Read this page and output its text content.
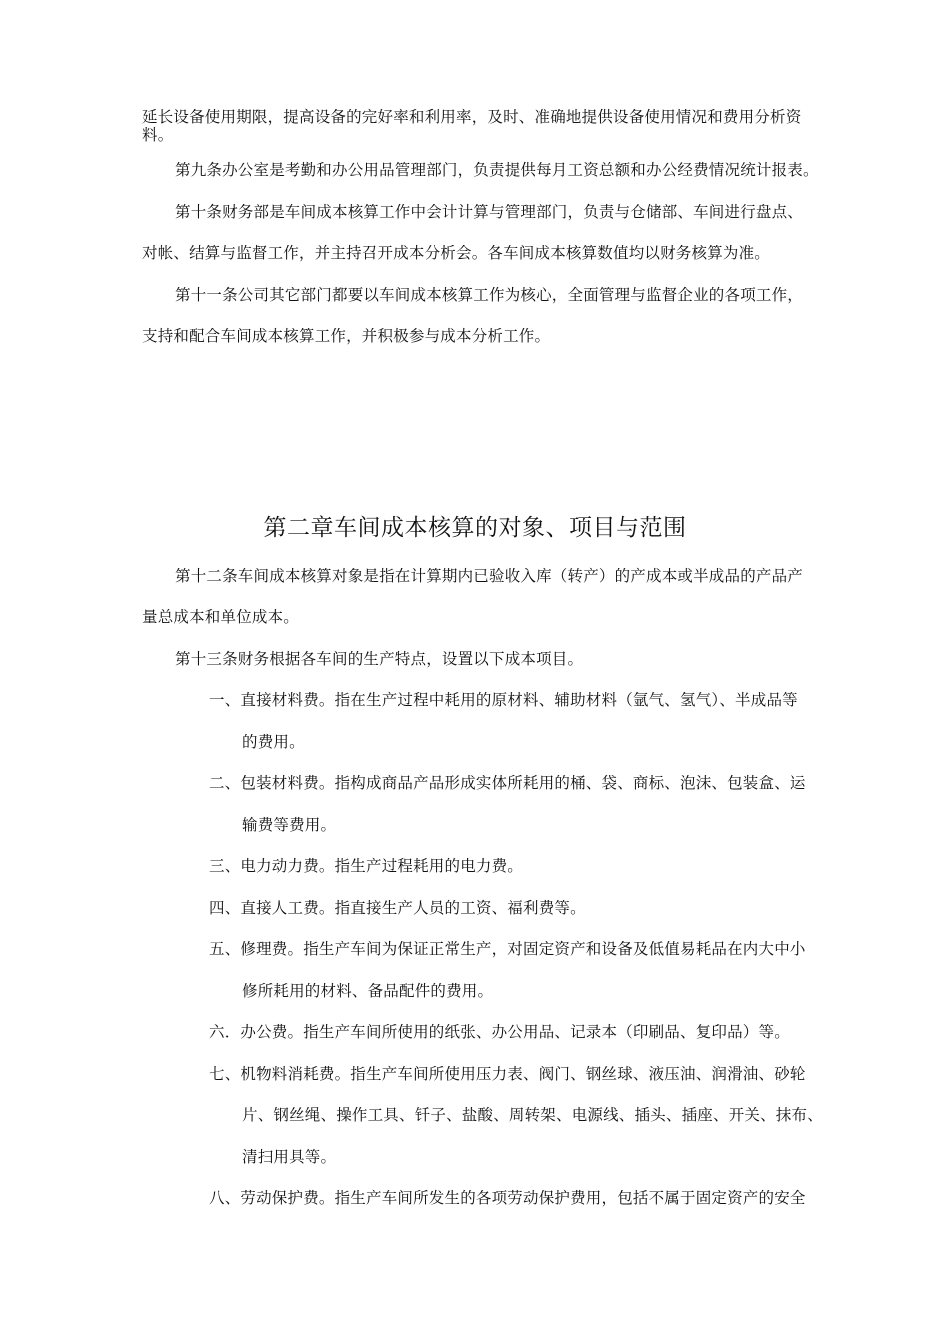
延长设备使用期限，提高设备的完好率和利用率，及时、准确地提供设备使用情况和费用分析资
料。
第九条办公室是考勤和办公用品管理部门，负责提供每月工资总额和办公经费情况统计报表。
第十条财务部是车间成本核算工作中会计计算与管理部门，负责与仓储部、车间进行盘点、
对帐、结算与监督工作，并主持召开成本分析会。各车间成本核算数值均以财务核算为准。
第十一条公司其它部门都要以车间成本核算工作为核心，全面管理与监督企业的各项工作，
支持和配合车间成本核算工作，并积极参与成本分析工作。
第二章车间成本核算的对象、项目与范围
第十二条车间成本核算对象是指在计算期内已验收入库（转产）的产成本或半成品的产品产
量总成本和单位成本。
第十三条财务根据各车间的生产特点，设置以下成本项目。
一、直接材料费。指在生产过程中耗用的原材料、辅助材料（氩气、氢气）、半成品等
的费用。
二、包装材料费。指构成商品产品形成实体所耗用的桶、袋、商标、泡沫、包装盒、运
输费等费用。
三、电力动力费。指生产过程耗用的电力费。
四、直接人工费。指直接生产人员的工资、福利费等。
五、修理费。指生产车间为保证正常生产，对固定资产和设备及低值易耗品在内大中小
修所耗用的材料、备品配件的费用。
六．办公费。指生产车间所使用的纸张、办公用品、记录本（印刷品、复印品）等。
七、机物料消耗费。指生产车间所使用压力表、阀门、钢丝球、液压油、润滑油、砂轮
片、钢丝绳、操作工具、钎子、盐酸、周转架、电源线、插头、插座、开关、抹布、
清扫用具等。
八、劳动保护费。指生产车间所发生的各项劳动保护费用，包括不属于固定资产的安全
